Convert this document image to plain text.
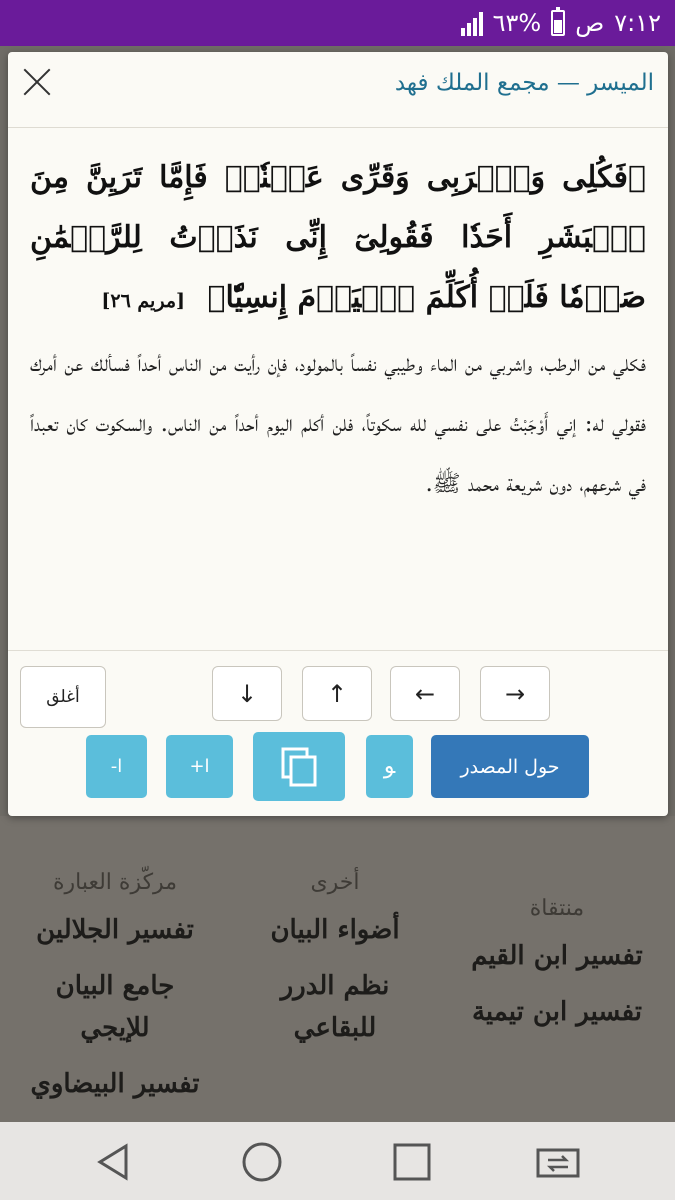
٦٣% ص ٧:١٢
منتقاة
تفسير ابن القيم
تفسير ابن تيمية
أخرى
أضواء البيان
نظم الدرر للبقاعي
مركّزة العبارة
تفسير الجلالين
جامع البيان للإيجي
تفسير البيضاوي
الميسر — مجمع الملك فهد
﴿فَكُلِى وَٱشۡرَبِى وَقَرِّى عَيۡنٗاۖ فَإِمَّا تَرَيِنَّ مِنَ ٱلۡبَشَرِ أَحَدٗا فَقُولِىٓ إِنِّى نَذَرۡتُ لِلرَّحۡمَٰنِ صَوۡمٗا فَلَنۡ أُكَلِّمَ ٱلۡيَوۡمَ إِنسِيّٗا﴾ [مريم ٢٦]
فكلي من الرطب، واشربي من الماء وطيبي نفساً بالمولود، فإن رأيت من الناس أحداً فسألك عن أمرك فقولي له: إني أَوْجَبْتُ على نفسي لله سكوتاً، فلن أكلم اليوم أحداً من الناس. والسكوت كان تعبداً في شرعهم، دون شريعة محمد ﷺ.
أغلق	↓	↑	←	→
-ا	+ا	ﻮ	حول المصدر
